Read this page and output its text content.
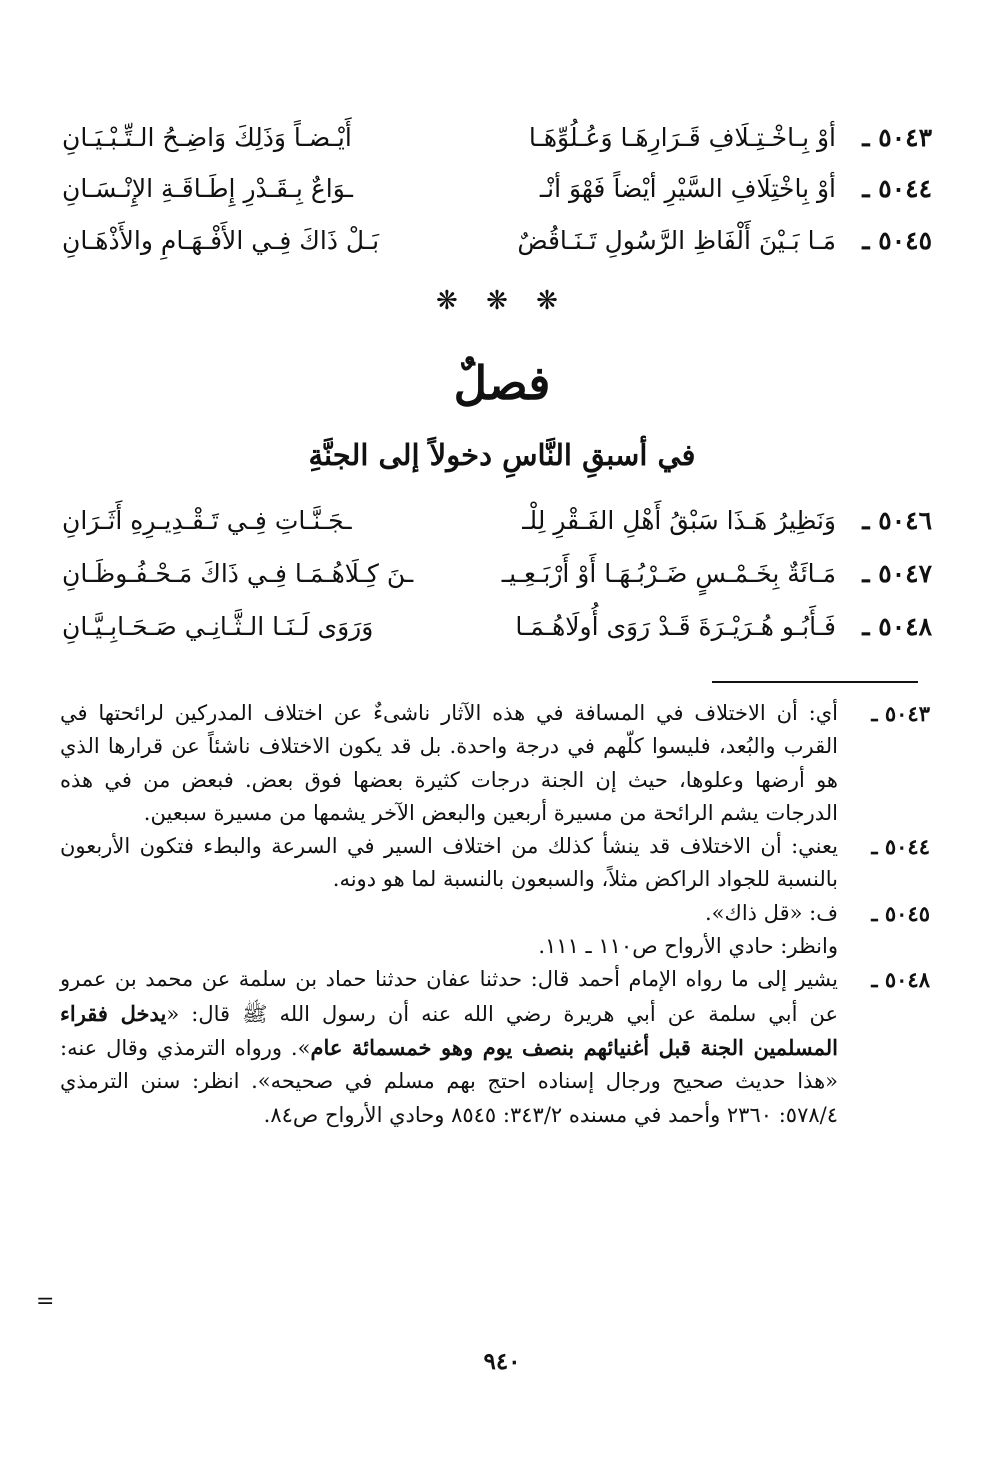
٥٠٤٣ ـ
أوْ بِـاخْـتِـلَافِ قَـرَارِهَـا وَعُـلُوِّهَـا
أَيْـضـاً وَذَلِكَ وَاضِـحُ الـتِّـبْـيَـانِ
٥٠٤٤ ـ
أوْ بِاخْتِلَافِ السَّيْرِ أيْضاً فَهْوَ أنْـ
ـوَاعٌ بِـقَـدْرِ إِطَـاقَـةِ الإِنْـسَـانِ
٥٠٤٥ ـ
مَـا بَـيْنَ أَلْفَاظِ الرَّسُولِ تَـنَـاقُضٌ
بَـلْ ذَاكَ فِـي الأَفْـهَـامِ والأَذْهَـانِ
❋ ❋ ❋
فصلٌ
في أسبقِ النَّاسِ دخولاً إلى الجنَّةِ
٥٠٤٦ ـ
وَنَظِيرُ هَـذَا سَبْقُ أَهْلِ الفَـقْرِ لِلْـ
ـجَـنَّـاتِ فِـي تَـقْـدِيـرِهِ أَثَـرَانِ
٥٠٤٧ ـ
مَـائَةٌ بِخَـمْـسٍ ضَـرْبُـهَـا أَوْ أَرْبَـعِـيـ
ـنَ كِـلَاهُـمَـا فِـي ذَاكَ مَـحْـفُـوظَـانِ
٥٠٤٨ ـ
فَـأَبُـو هُـرَيْـرَةَ قَـدْ رَوَى أُولَاهُـمَـا
وَرَوَى لَـنَـا الـثَّـانِـي صَـحَـابِـيَّـانِ
٥٠٤٣ ـ

أي: أن الاختلاف في المسافة في هذه الآثار ناشىءٌ عن اختلاف المدركين لرائحتها في القرب والبُعد، فليسوا كلّهم في درجة واحدة. بل قد يكون الاختلاف ناشئاً عن قرارها الذي هو أرضها وعلوها، حيث إن الجنة درجات كثيرة بعضها فوق بعض. فبعض من في هذه الدرجات يشم الرائحة من مسيرة أربعين والبعض الآخر يشمها من مسيرة سبعين.

٥٠٤٤ ـ

يعني: أن الاختلاف قد ينشأ كذلك من اختلاف السير في السرعة والبطء فتكون الأربعون بالنسبة للجواد الراكض مثلاً، والسبعون بالنسبة لما هو دونه.

٥٠٤٥ ـ

ف: «قل ذاك».

وانظر: حادي الأرواح ص١١٠ ـ ١١١.

٥٠٤٨ ـ

يشير إلى ما رواه الإمام أحمد قال: حدثنا عفان حدثنا حماد بن سلمة عن محمد بن عمرو عن أبي سلمة عن أبي هريرة رضي الله عنه أن رسول الله ﷺ قال: «يدخل فقراء المسلمين الجنة قبل أغنيائهم بنصف يوم وهو خمسمائة عام». ورواه الترمذي وقال عنه: «هذا حديث صحيح ورجال إسناده احتج بهم مسلم في صحيحه». انظر: سنن الترمذي ٥٧٨/٤: ٢٣٦٠ وأحمد في مسنده ٣٤٣/٢: ٨٥٤٥ وحادي الأرواح ص٨٤.

=
٩٤٠
